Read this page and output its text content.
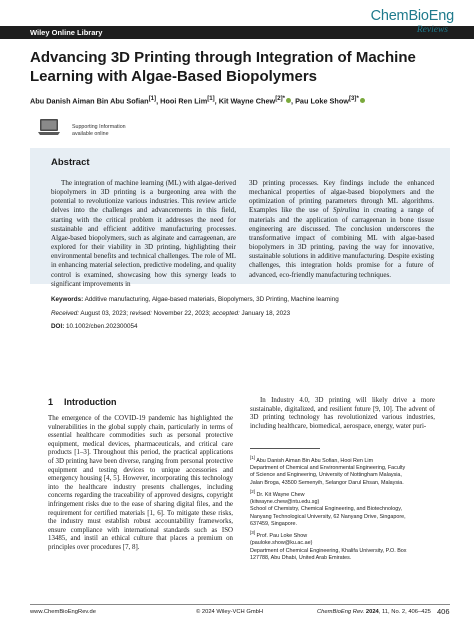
Wiley Online Library
ChemBioEng
Reviews
Advancing 3D Printing through Integration of Machine Learning with Algae-Based Biopolymers
Abu Danish Aiman Bin Abu Sofian[1], Hooi Ren Lim[1], Kit Wayne Chew$^{[2]*}$ , Pau Loke Show$^{[3]*}$
Supporting Information
available online
Abstract

The integration of machine learning (ML) with algae-derived biopolymers in 3D printing is a burgeoning area with the potential to revolutionize various industries. This review article delves into the challenges and advancements in this field, starting with the critical problem it addresses the need for sustainable and efficient additive manufacturing processes. Algae-based biopolymers, such as alginate and carrageenan, are explored for their viability in 3D printing, highlighting their environmental benefits and technical challenges. The role of ML in enhancing material selection, predictive modeling, and quality control is examined, showcasing how this synergy leads to significant improvements in

3D printing processes. Key findings include the enhanced mechanical properties of algae-based biopolymers and the optimization of printing parameters through ML algorithms. Examples like the use of Spirulina in creating a range of materials and the application of carrageenan in bone tissue engineering are discussed. The conclusion underscores the transformative impact of combining ML with algae-based biopolymers in 3D printing, paving the way for innovative, sustainable solutions in additive manufacturing. Despite existing challenges, this integration holds promise for a future of advanced, eco-friendly manufacturing techniques.

Keywords: Additive manufacturing, Algae-based materials, Biopolymers, 3D Printing, Machine learning
Received: August 03, 2023; revised: November 22, 2023; accepted: January 18, 2023
DOI: 10.1002/cben.202300054
1 Introduction

The emergence of the COVID-19 pandemic has highlighted the vulnerabilities in the global supply chain, particularly in terms of essential healthcare commodities such as personal protective equipment, medical devices, pharmaceuticals, and critical care products [1–3]. Throughout this period, the practical applications of 3D printing have been diverse, ranging from personal protective equipment and testing devices to unique accessories and emergency housing [4, 5]. However, incorporating this technology into the healthcare industry presents challenges, including concerns regarding the traceability of approved designs, copyright infringement risks due to the ease of sharing digital files, and the requirement for certified materials [1, 6]. To mitigate these risks, the industry must establish robust accountability frameworks, ensure compliance with international standards such as ISO 13485, and instil an ethical culture that places a premium on principles over procedures [7, 8].

In Industry 4.0, 3D printing will likely drive a more sustainable, digitalized, and resilient future [9, 10]. The advent of 3D printing technology has revolutionized various industries, including healthcare, biomedical, aerospace, energy, water puri-

[1] Abu Danish Aiman Bin Abu Sofian, Hooi Ren Lim
Department of Chemical and Environmental Engineering, Faculty
of Science and Engineering, University of Nottingham Malaysia,
Jalan Broga, 43500 Semenyih, Selangor Darul Ehsan, Malaysia.
[2] Dr. Kit Wayne Chew
(kitwayne.chew@ntu.edu.sg)
School of Chemistry, Chemical Engineering, and Biotechnology,
Nanyang Technological University, 62 Nanyang Drive, Singapore,
637459, Singapore.
[3] Prof. Pau Loke Show
(pauloke.show@ku.ac.ae)
Department of Chemical Engineering, Khalifa University, P.O. Box
127788, Abu Dhabi, United Arab Emirates.
www.ChemBioEngRev.de	© 2024 Wiley-VCH GmbH	ChemBioEng Rev. 2024, 11, No. 2, 406–425 406
